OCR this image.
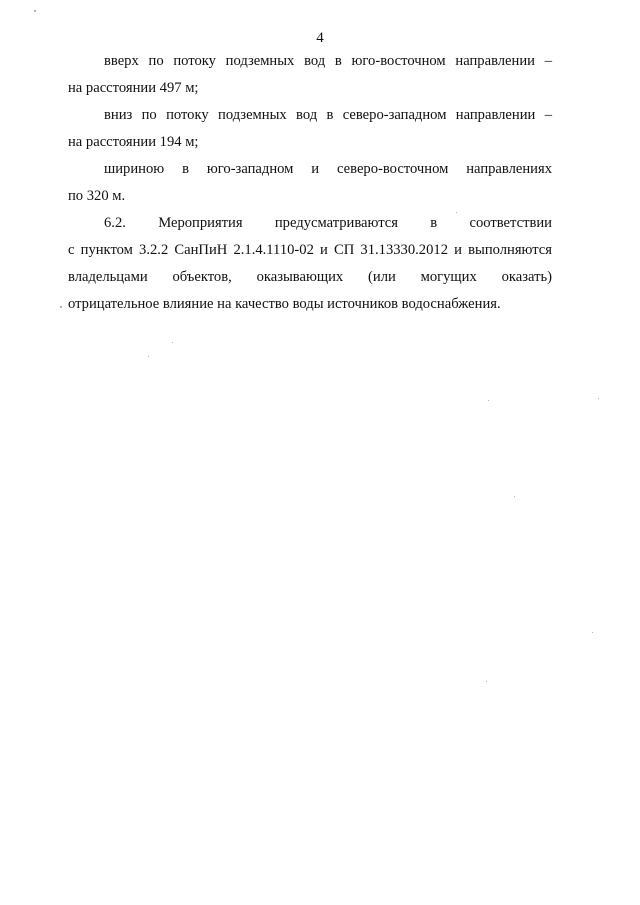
4
вверх по потоку подземных вод в юго-восточном направлении –
на расстоянии 497 м;
вниз по потоку подземных вод в северо-западном направлении –
на расстоянии 194 м;
шириною в юго-западном и северо-восточном направлениях
по 320 м.
6.2. Мероприятия предусматриваются в соответствии
с пунктом 3.2.2 СанПиН 2.1.4.1110-02 и СП 31.13330.2012 и выполняются
владельцами объектов, оказывающих (или могущих оказать)
отрицательное влияние на качество воды источников водоснабжения.
